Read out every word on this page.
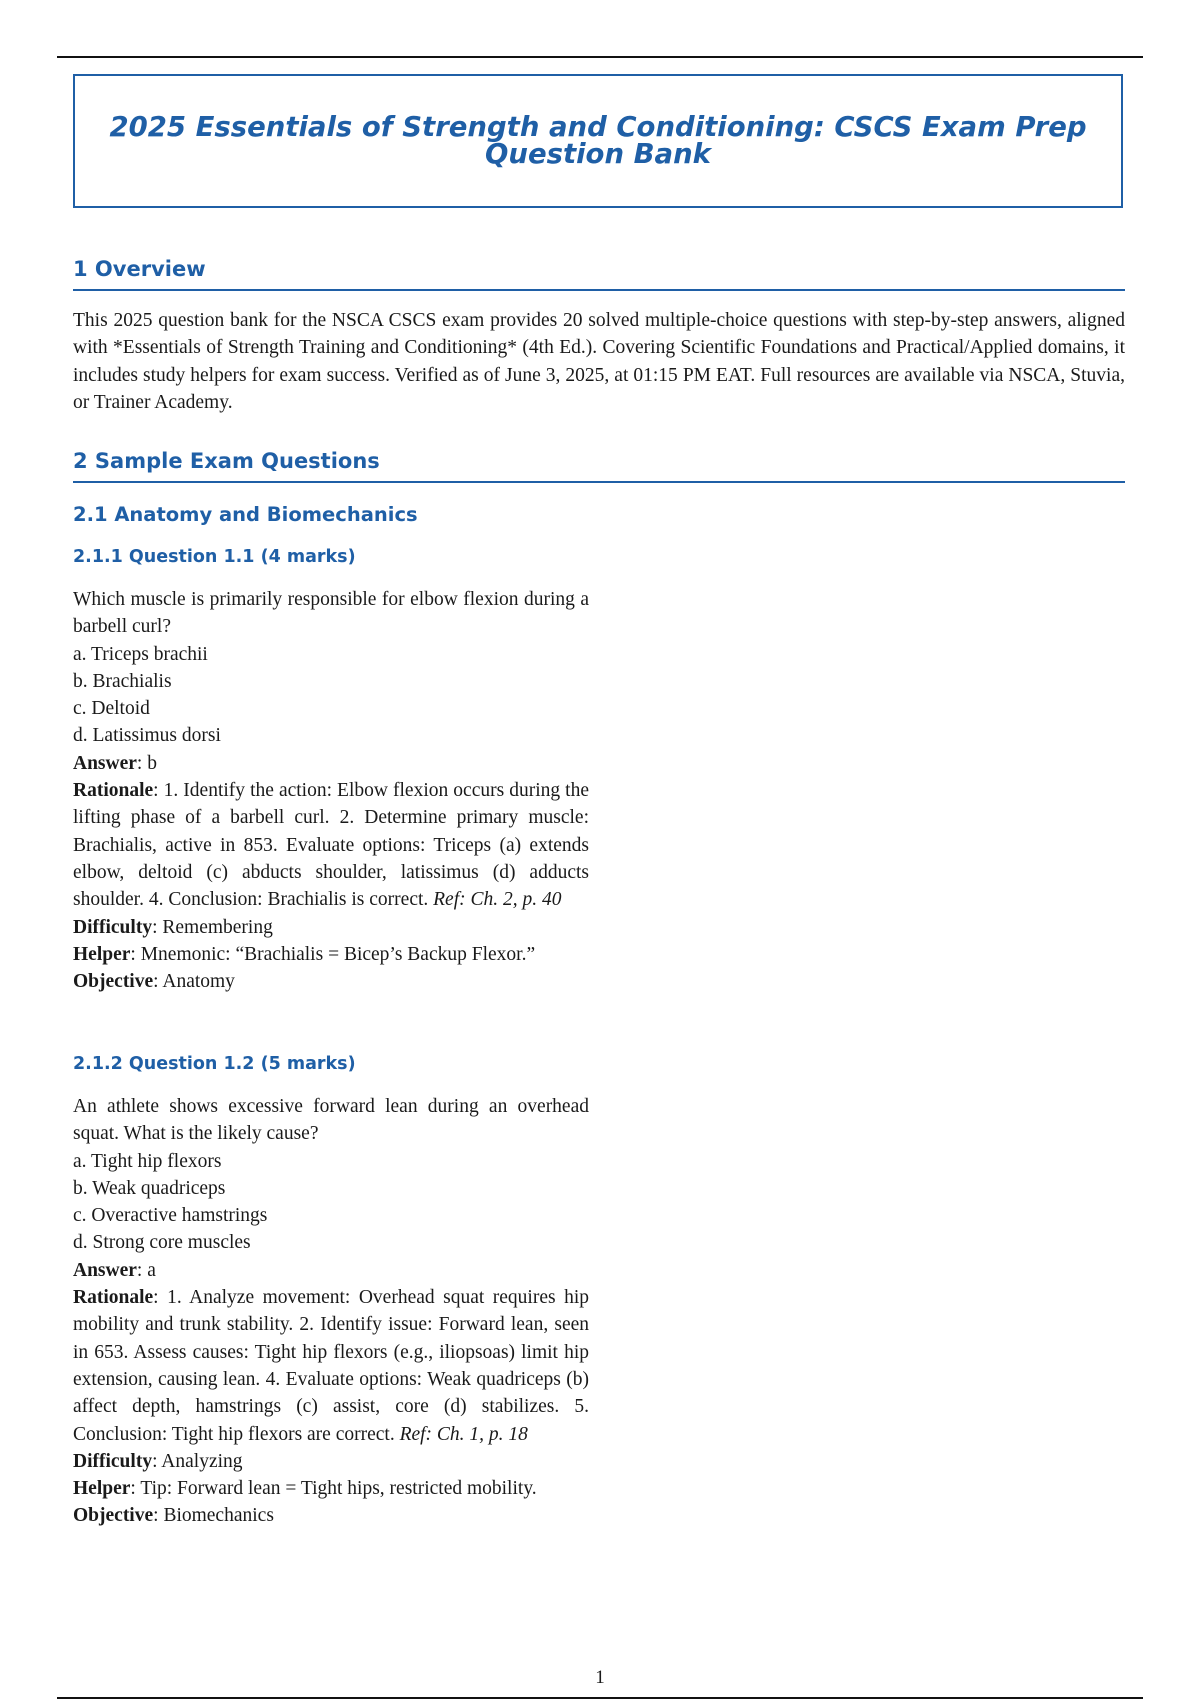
2025 Essentials of Strength and Conditioning: CSCS Exam Prep Question Bank
1 Overview
This 2025 question bank for the NSCA CSCS exam provides 20 solved multiple-choice questions with step-by-step answers, aligned with *Essentials of Strength Training and Conditioning* (4th Ed.). Covering Scientific Foundations and Practical/Applied domains, it includes study helpers for exam success. Verified as of June 3, 2025, at 01:15 PM EAT. Full resources are available via NSCA, Stuvia, or Trainer Academy.
2 Sample Exam Questions
2.1 Anatomy and Biomechanics
2.1.1 Question 1.1 (4 marks)

Which muscle is primarily responsible for elbow flexion during a barbell curl?

a. Triceps brachii

b. Brachialis

c. Deltoid

d. Latissimus dorsi

Answer: b

Rationale: 1. Identify the action: Elbow flexion occurs during the lifting phase of a barbell curl. 2. Determine primary muscle: Brachialis, active in 853. Evaluate options: Triceps (a) extends elbow, deltoid (c) abducts shoulder, latissimus (d) adducts shoulder. 4. Conclusion: Brachialis is correct. Ref: Ch. 2, p. 40

Difficulty: Remembering

Helper: Mnemonic: “Brachialis = Bicep’s Backup Flexor.”

Objective: Anatomy

2.1.2 Question 1.2 (5 marks)

An athlete shows excessive forward lean during an overhead squat. What is the likely cause?

a. Tight hip flexors

b. Weak quadriceps

c. Overactive hamstrings

d. Strong core muscles

Answer: a

Rationale: 1. Analyze movement: Overhead squat requires hip mobility and trunk stability. 2. Identify issue: Forward lean, seen in 653. Assess causes: Tight hip flexors (e.g., iliopsoas) limit hip extension, causing lean. 4. Evaluate options: Weak quadriceps (b) affect depth, hamstrings (c) assist, core (d) stabilizes. 5. Conclusion: Tight hip flexors are correct. Ref: Ch. 1, p. 18

Difficulty: Analyzing

Helper: Tip: Forward lean = Tight hips, restricted mobility.

Objective: Biomechanics

1
